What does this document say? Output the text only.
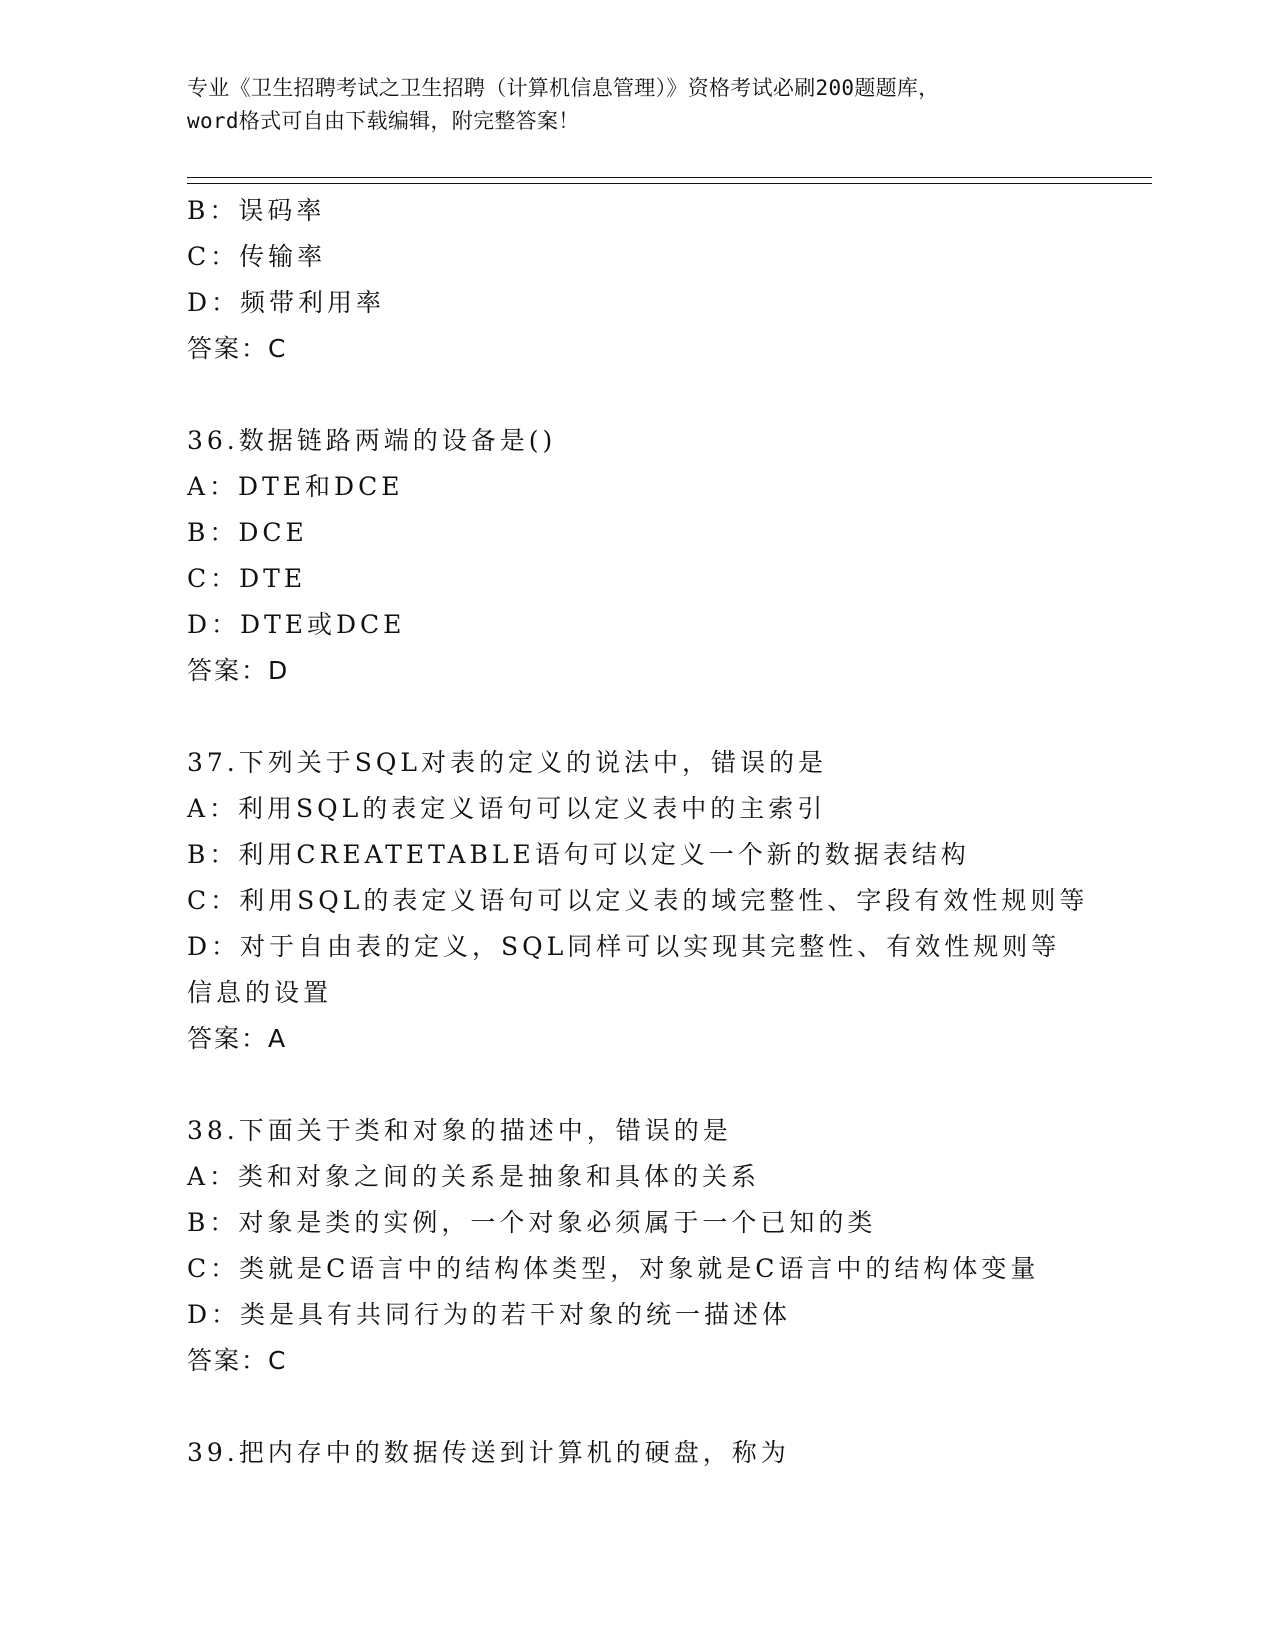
专业《卫生招聘考试之卫生招聘（计算机信息管理）》资格考试必刷200题题库，
word格式可自由下载编辑，附完整答案！
B：误码率
C：传输率
D：频带利用率
答案：C
36.数据链路两端的设备是()
A：DTE和DCE
B：DCE
C：DTE
D：DTE或DCE
答案：D
37.下列关于SQL对表的定义的说法中，错误的是
A：利用SQL的表定义语句可以定义表中的主索引
B：利用CREATETABLE语句可以定义一个新的数据表结构
C：利用SQL的表定义语句可以定义表的域完整性、字段有效性规则等
D：对于自由表的定义，SQL同样可以实现其完整性、有效性规则等信息的设置
答案：A
38.下面关于类和对象的描述中，错误的是
A：类和对象之间的关系是抽象和具体的关系
B：对象是类的实例，一个对象必须属于一个已知的类
C：类就是C语言中的结构体类型，对象就是C语言中的结构体变量
D：类是具有共同行为的若干对象的统一描述体
答案：C
39.把内存中的数据传送到计算机的硬盘，称为
